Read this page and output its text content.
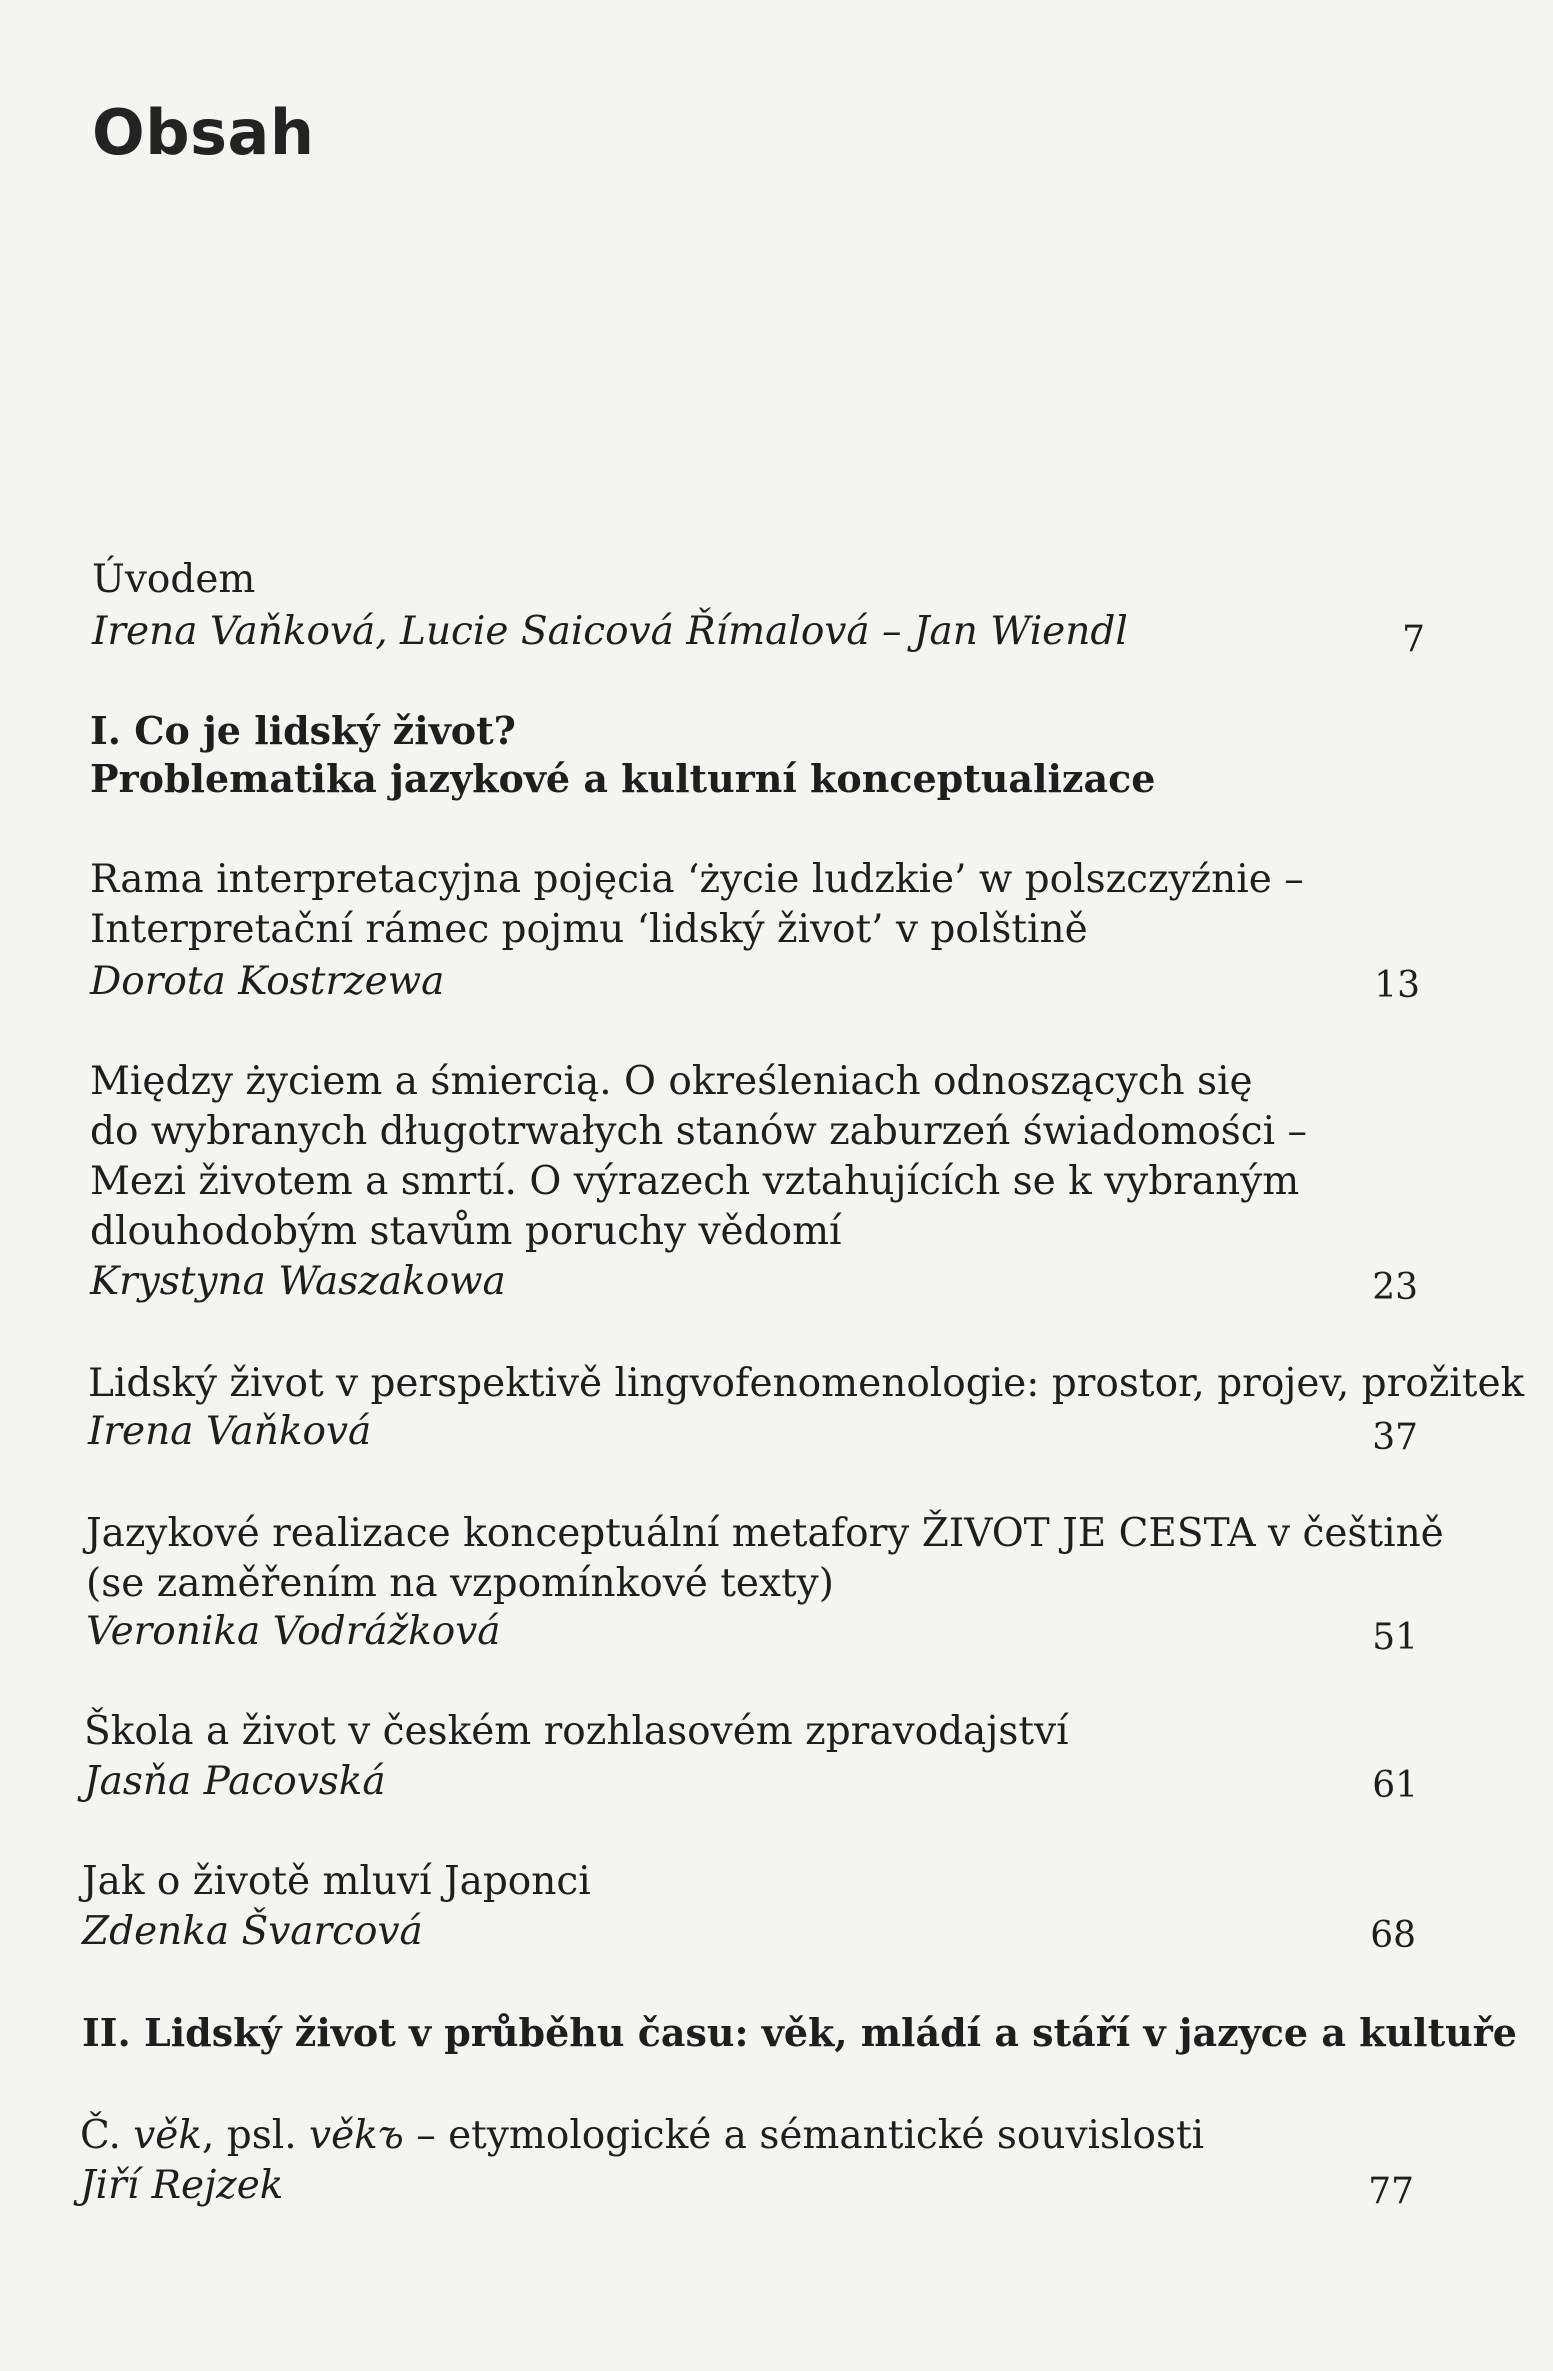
Obsah
Úvodem
Irena Vaňková, Lucie Saicová Římalová – Jan Wiendl	7
I. Co je lidský život?
Problematika jazykové a kulturní konceptualizace
Rama interpretacyjna pojęcia ‘życie ludzkie’ w polszczyźnie –
Interpretační rámec pojmu ‘lidský život’ v polštině
Dorota Kostrzewa	13
Między życiem a śmiercią. O określeniach odnoszących się
do wybranych długotrwałych stanów zaburzeń świadomości –
Mezi životem a smrtí. O výrazech vztahujících se k vybraným
dlouhodobým stavům poruchy vědomí
Krystyna Waszakowa	23
Lidský život v perspektivě lingvofenomenologie: prostor, projev, prožitek
Irena Vaňková	37
Jazykové realizace konceptuální metafory ŽIVOT JE CESTA v češtině
(se zaměřením na vzpomínkové texty)
Veronika Vodrážková	51
Škola a život v českém rozhlasovém zpravodajství
Jasňa Pacovská	61
Jak o životě mluví Japonci
Zdenka Švarcová	68
II. Lidský život v průběhu času: věk, mládí a stáří v jazyce a kultuře
Č. věk, psl. věkъ – etymologické a sémantické souvislosti
Jiří Rejzek	77
